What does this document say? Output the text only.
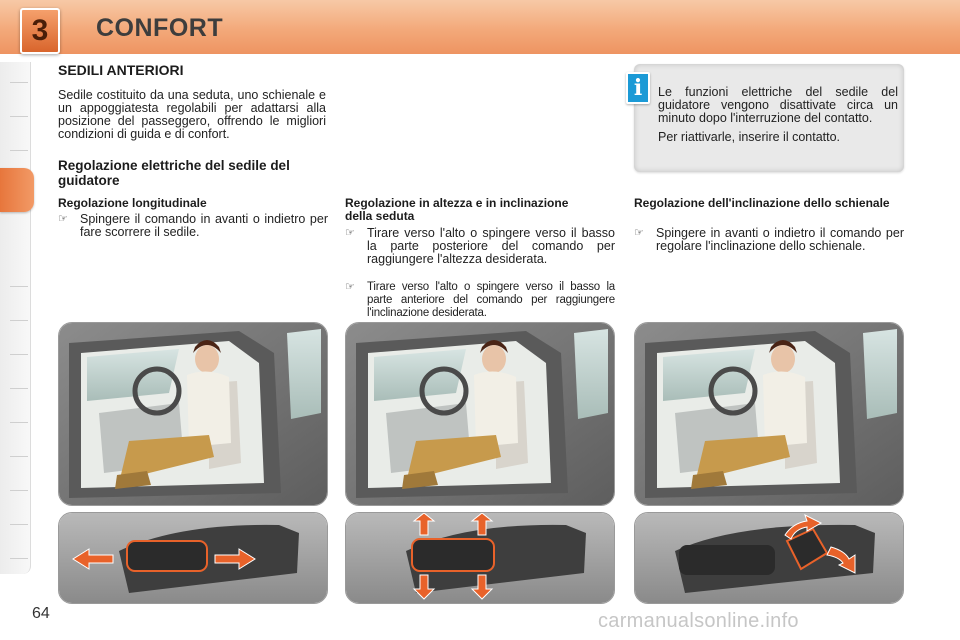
3	CONFORT
64
SEDILI ANTERIORI
Sedile costituito da una seduta, uno schienale e un appoggiatesta regolabili per adattarsi alla posizione del passeggero, offrendo le migliori condizioni di guida e di confort.
Regolazione elettriche del sedile del guidatore
Regolazione longitudinale
☞ Spingere il comando in avanti o indietro per fare scorrere il sedile.
Regolazione in altezza e in inclinazione della seduta
☞ Tirare verso l'alto o spingere verso il basso la parte posteriore del comando per raggiungere l'altezza desiderata.
☞ Tirare verso l'alto o spingere verso il basso la parte anteriore del comando per raggiungere l'inclinazione desiderata.
Regolazione dell'inclinazione dello schienale
☞ Spingere in avanti o indietro il comando per regolare l'inclinazione dello schienale.
i	Le funzioni elettriche del sedile del guidatore vengono disattivate circa un minuto dopo l'interruzione del contatto.

Per riattivarle, inserire il contatto.

carmanualsonline.info
